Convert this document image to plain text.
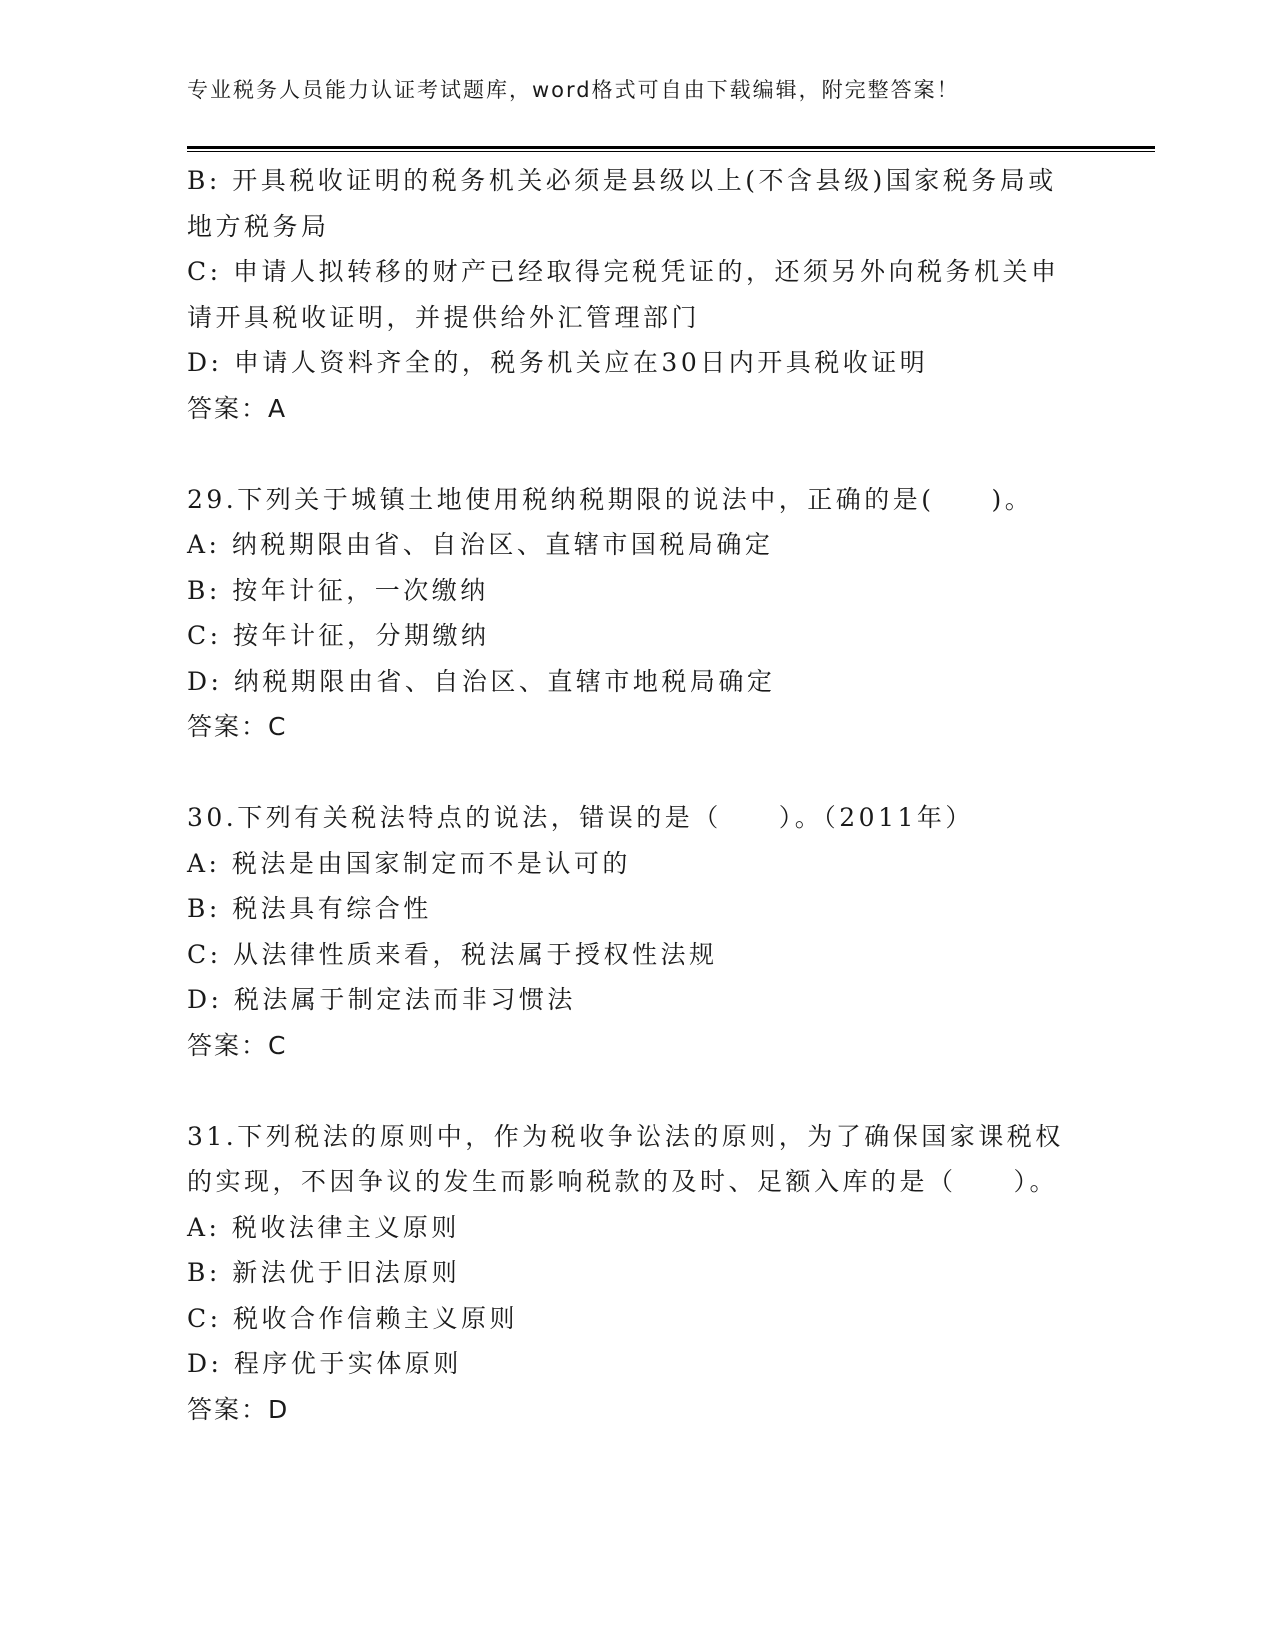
专业税务人员能力认证考试题库，word格式可自由下载编辑，附完整答案！
B: 开具税收证明的税务机关必须是县级以上(不含县级)国家税务局或
地方税务局
C: 申请人拟转移的财产已经取得完税凭证的，还须另外向税务机关申
请开具税收证明，并提供给外汇管理部门
D: 申请人资料齐全的，税务机关应在30日内开具税收证明
答案：A
29.下列关于城镇土地使用税纳税期限的说法中，正确的是(　　)。
A: 纳税期限由省、自治区、直辖市国税局确定
B: 按年计征，一次缴纳
C: 按年计征，分期缴纳
D: 纳税期限由省、自治区、直辖市地税局确定
答案：C
30.下列有关税法特点的说法，错误的是（　　）。（2011年）
A: 税法是由国家制定而不是认可的
B: 税法具有综合性
C: 从法律性质来看，税法属于授权性法规
D: 税法属于制定法而非习惯法
答案：C
31.下列税法的原则中，作为税收争讼法的原则，为了确保国家课税权
的实现，不因争议的发生而影响税款的及时、足额入库的是（　　）。
A: 税收法律主义原则
B: 新法优于旧法原则
C: 税收合作信赖主义原则
D: 程序优于实体原则
答案：D
